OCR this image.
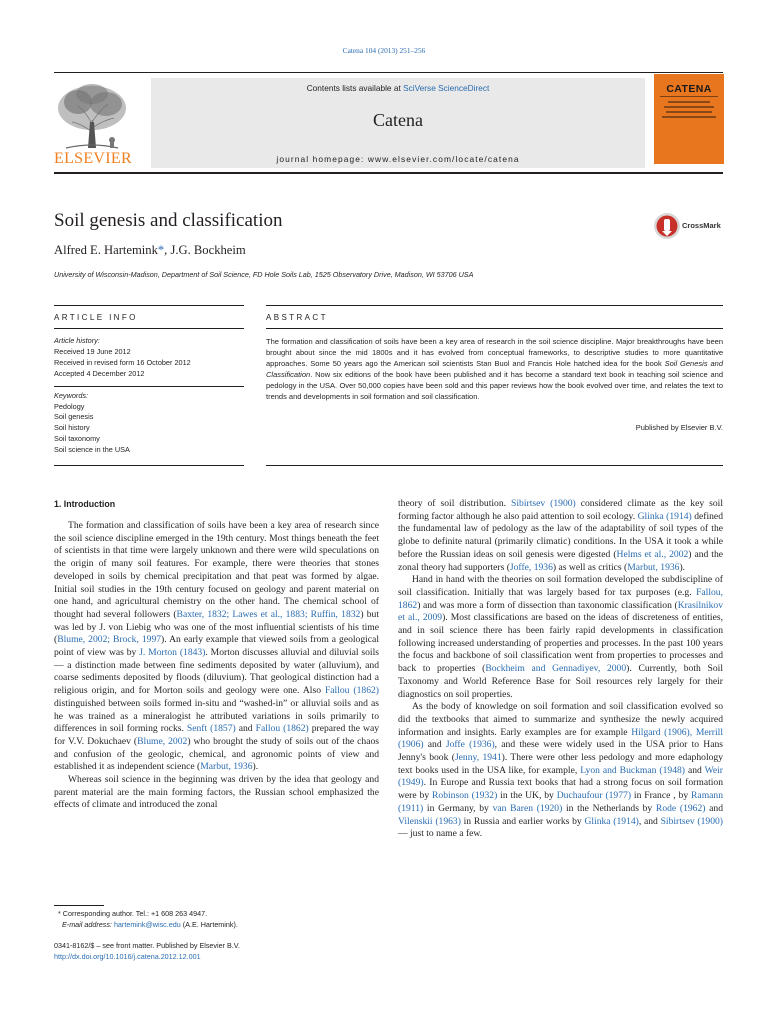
Catena 104 (2013) 251–256
Contents lists available at SciVerse ScienceDirect
Catena
journal homepage: www.elsevier.com/locate/catena
ELSEVIER
CATENA
Soil genesis and classification
Alfred E. Hartemink*, J.G. Bockheim
University of Wisconsin-Madison, Department of Soil Science, FD Hole Soils Lab, 1525 Observatory Drive, Madison, WI 53706 USA
CrossMark
ARTICLE INFO	ABSTRACT
Article history:
Received 19 June 2012
Received in revised form 16 October 2012
Accepted 4 December 2012
Keywords:
Pedology
Soil genesis
Soil history
Soil taxonomy
Soil science in the USA
The formation and classification of soils have been a key area of research in the soil science discipline. Major breakthroughs have been brought about since the mid 1800s and it has evolved from conceptual frameworks, to descriptive studies to more quantitative approaches. Some 50 years ago the American soil scientists Stan Buol and Francis Hole hatched idea for the book Soil Genesis and Classification. Now six editions of the book have been published and it has become a standard text book in teaching soil science and pedology in the USA. Over 50,000 copies have been sold and this paper reviews how the book evolved over time, and relates the text to trends and developments in soil formation and soil classification.
Published by Elsevier B.V.
1. Introduction

The formation and classification of soils have been a key area of research since the soil science discipline emerged in the 19th century. Most things beneath the feet of scientists in that time were largely unknown and there were wild speculations on the origin of many soil features. For example, there were theories that stones developed in soils by chemical precipitation and that peat was formed by algae. Initial soil studies in the 19th century focused on geology and parent material on one hand, and agricultural chemistry on the other hand. The chemical school of thought had several followers (Baxter, 1832; Lawes et al., 1883; Ruffin, 1832) but was led by J. von Liebig who was one of the most influential scientists of his time (Blume, 2002; Brock, 1997). An early example that viewed soils from a geological point of view was by J. Morton (1843). Morton discusses alluvial and diluvial soils — a distinction made between fine sediments deposited by water (alluvium), and coarse sediments deposited by floods (diluvium). That geological distinction had a religious origin, and for Morton soils and geology were one. Also Fallou (1862) distinguished between soils formed in-situ and “washed-in” or alluvial soils and as he was trained as a mineralogist he attributed variations in soils primarily to differences in soil forming rocks. Senft (1857) and Fallou (1862) prepared the way for V.V. Dokuchaev (Blume, 2002) who brought the study of soils out of the chaos and confusion of the geologic, chemical, and agronomic points of view and established it as independent science (Marbut, 1936).

Whereas soil science in the beginning was driven by the idea that geology and parent material are the main forming factors, the Russian school emphasized the effects of climate and introduced the zonal

theory of soil distribution. Sibirtsev (1900) considered climate as the key soil forming factor although he also paid attention to soil ecology. Glinka (1914) defined the fundamental law of pedology as the law of the adaptability of soil types of the globe to definite natural (primarily climatic) conditions. In the USA it took a while before the Russian ideas on soil genesis were digested (Helms et al., 2002) and the zonal theory had supporters (Joffe, 1936) as well as critics (Marbut, 1936).

Hand in hand with the theories on soil formation developed the subdiscipline of soil classification. Initially that was largely based for tax purposes (e.g. Fallou, 1862) and was more a form of dissection than taxonomic classification (Krasilnikov et al., 2009). Most classifications are based on the ideas of discreteness of entities, and in soil science there has been fairly rapid developments in classification following increased understanding of properties and processes. In the past 100 years the focus and backbone of soil classification went from properties to processes and back to properties (Bockheim and Gennadiyev, 2000). Currently, both Soil Taxonomy and World Reference Base for Soil resources rely largely for their diagnostics on soil properties.

As the body of knowledge on soil formation and soil classification evolved so did the textbooks that aimed to summarize and synthesize the newly acquired information and insights. Early examples are for example Hilgard (1906), Merrill (1906) and Joffe (1936), and these were widely used in the USA prior to Hans Jenny's book (Jenny, 1941). There were other less pedology and more edaphology text books used in the USA like, for example, Lyon and Buckman (1948) and Weir (1949). In Europe and Russia text books that had a strong focus on soil formation were by Robinson (1932) in the UK, by Duchaufour (1977) in France , by Ramann (1911) in Germany, by van Baren (1920) in the Netherlands by Rode (1962) and Vilenskii (1963) in Russia and earlier works by Glinka (1914), and Sibirtsev (1900) — just to name a few.

* Corresponding author. Tel.: +1 608 263 4947.
E-mail address: hartemink@wisc.edu (A.E. Hartemink).
0341-8162/$ – see front matter. Published by Elsevier B.V.
http://dx.doi.org/10.1016/j.catena.2012.12.001
